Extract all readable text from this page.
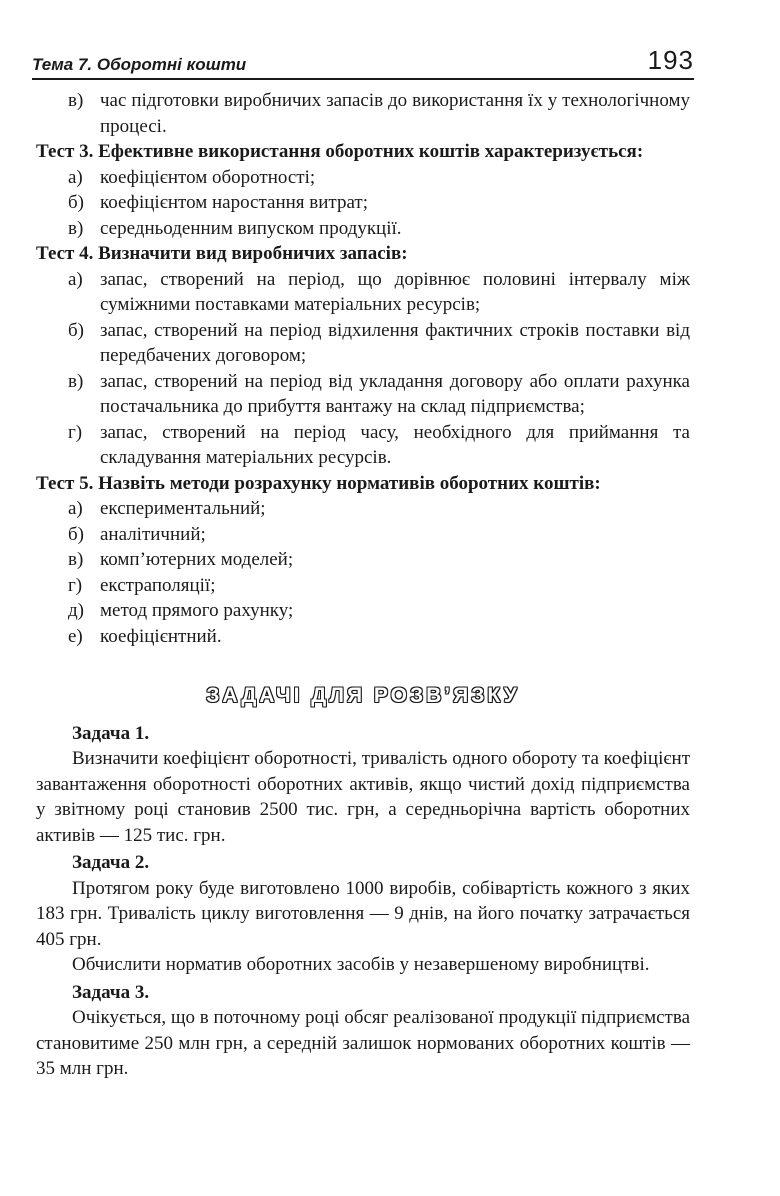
Тема 7. Оборотні кошти	193
в) час підготовки виробничих запасів до використання їх у технологічному процесі.
Тест 3. Ефективне використання оборотних коштів характеризується:
а) коефіцієнтом оборотності;
б) коефіцієнтом наростання витрат;
в) середньоденним випуском продукції.
Тест 4. Визначити вид виробничих запасів:
а) запас, створений на період, що дорівнює половині інтервалу між суміжними поставками матеріальних ресурсів;
б) запас, створений на період відхилення фактичних строків поставки від передбачених договором;
в) запас, створений на період від укладання договору або оплати рахунка постачальника до прибуття вантажу на склад підприємства;
г) запас, створений на період часу, необхідного для приймання та складування матеріальних ресурсів.
Тест 5. Назвіть методи розрахунку нормативів оборотних коштів:
а) експериментальний;
б) аналітичний;
в) комп’ютерних моделей;
г) екстраполяції;
д) метод прямого рахунку;
е) коефіцієнтний.
ЗАДАЧІ ДЛЯ РОЗВ’ЯЗКУ
Задача 1.
Визначити коефіцієнт оборотності, тривалість одного обороту та коефіцієнт завантаження оборотності оборотних активів, якщо чистий дохід підприємства у звітному році становив 2500 тис. грн, а середньорічна вартість оборотних активів — 125 тис. грн.
Задача 2.
Протягом року буде виготовлено 1000 виробів, собівартість кожного з яких 183 грн. Тривалість циклу виготовлення — 9 днів, на його початку затрачається 405 грн.
Обчислити норматив оборотних засобів у незавершеному виробництві.
Задача 3.
Очікується, що в поточному році обсяг реалізованої продукції підприємства становитиме 250 млн грн, а середній залишок нормованих оборотних коштів — 35 млн грн.
